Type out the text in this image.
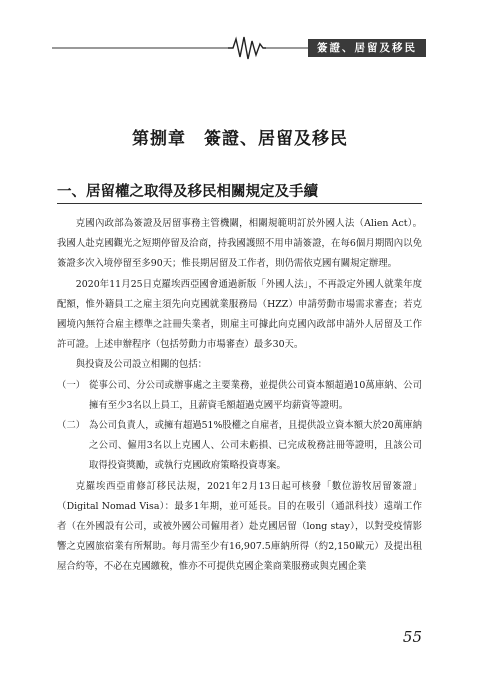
簽證、居留及移民
第捌章　簽證、居留及移民
一、居留權之取得及移民相關規定及手續

克國內政部為簽證及居留事務主管機關，相關規範明訂於外國人法（Alien Act）。我國人赴克國觀光之短期停留及洽商，持我國護照不用申請簽證，在每6個月期間內以免簽證多次入境停留至多90天；惟長期居留及工作者，則仍需依克國有關規定辦理。

2020年11月25日克羅埃西亞國會通過新版「外國人法」，不再設定外國人就業年度配額，惟外籍員工之雇主須先向克國就業服務局（HZZ）申請勞動市場需求審查；若克國境內無符合雇主標準之註冊失業者，則雇主可據此向克國內政部申請外人居留及工作許可證。上述申辦程序（包括勞動力市場審查）最多30天。

與投資及公司設立相關的包括：

（一） 從事公司、分公司或辦事處之主要業務，並提供公司資本額超過10萬庫納、公司擁有至少3名以上員工，且薪資毛額超過克國平均薪資等證明。
（二） 為公司負責人，或擁有超過51%股權之自雇者，且提供設立資本額大於20萬庫納之公司、僱用3名以上克國人、公司未虧損、已完成稅務註冊等證明，且該公司取得投資獎勵，或執行克國政府策略投資專案。

克羅埃西亞甫修訂移民法規，2021年2月13日起可核發「數位游牧居留簽證」（Digital Nomad Visa）：最多1年期，並可延長。目的在吸引（通訊科技）遠端工作者（在外國設有公司，或被外國公司僱用者）赴克國居留（long stay），以對受疫情影響之克國旅宿業有所幫助。每月需至少有16,907.5庫納所得（約2,150歐元）及提出租屋合約等，不必在克國繳稅，惟亦不可提供克國企業商業服務或與克國企業

55
